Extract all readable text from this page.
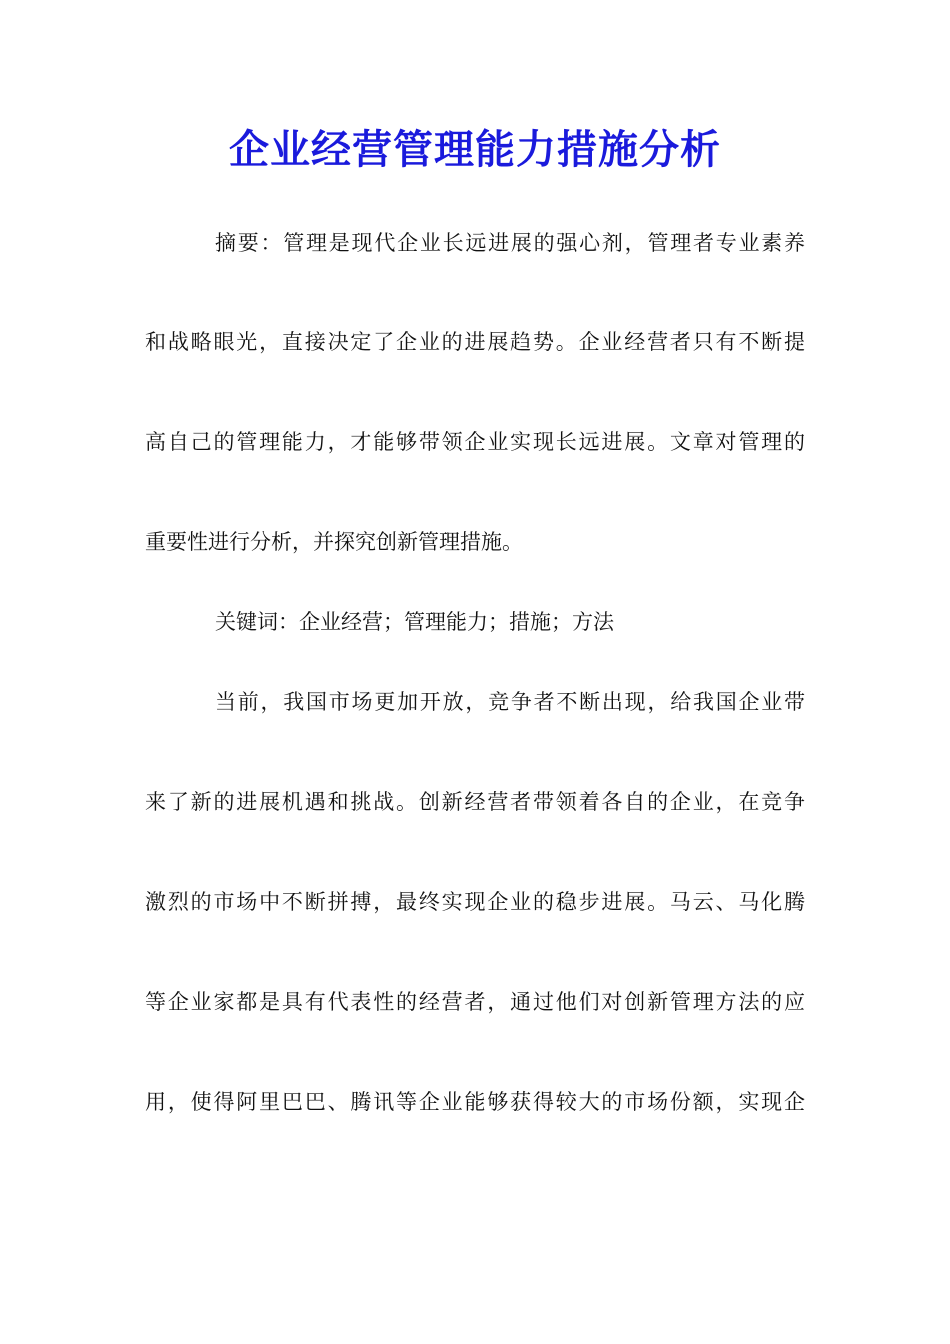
企业经营管理能力措施分析
摘要：管理是现代企业长远进展的强心剂，管理者专业素养
和战略眼光，直接决定了企业的进展趋势。企业经营者只有不断提
高自己的管理能力，才能够带领企业实现长远进展。文章对管理的
重要性进行分析，并探究创新管理措施。
关键词：企业经营；管理能力；措施；方法
当前，我国市场更加开放，竞争者不断出现，给我国企业带
来了新的进展机遇和挑战。创新经营者带领着各自的企业，在竞争
激烈的市场中不断拼搏，最终实现企业的稳步进展。马云、马化腾
等企业家都是具有代表性的经营者，通过他们对创新管理方法的应
用，使得阿里巴巴、腾讯等企业能够获得较大的市场份额，实现企
